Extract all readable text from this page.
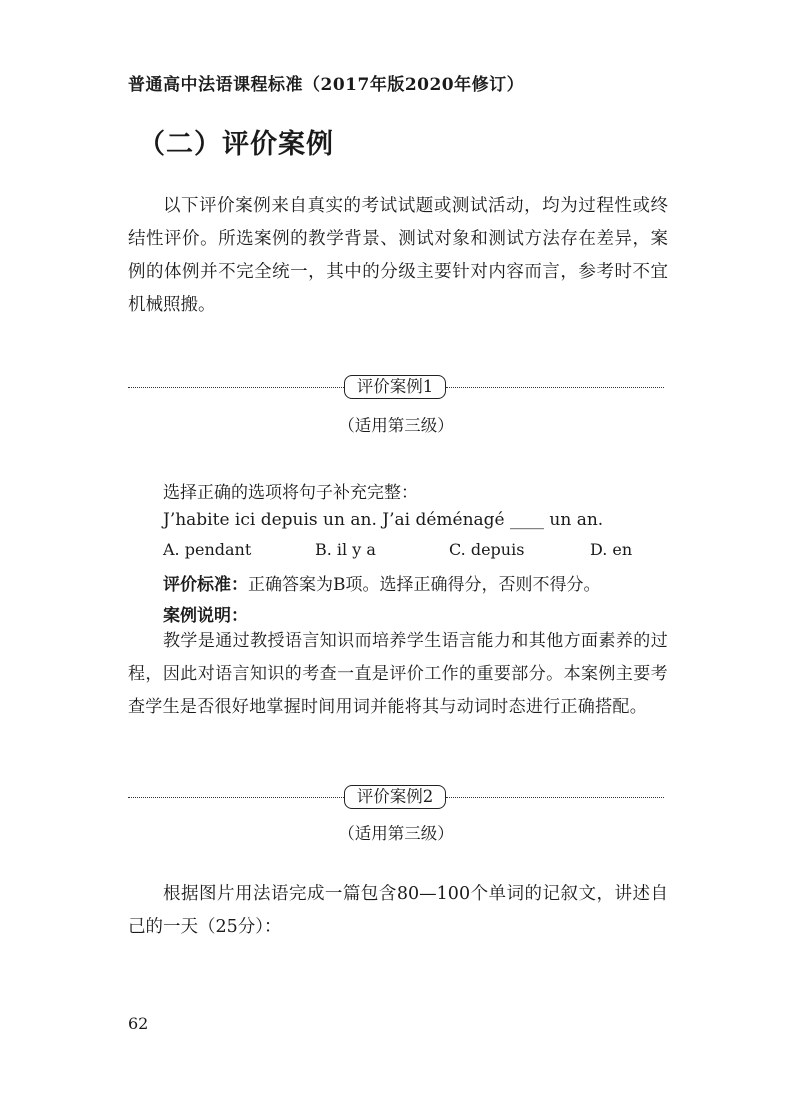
普通高中法语课程标准（2017年版2020年修订）
（二）评价案例
以下评价案例来自真实的考试试题或测试活动，均为过程性或终结性评价。所选案例的教学背景、测试对象和测试方法存在差异，案例的体例并不完全统一，其中的分级主要针对内容而言，参考时不宜机械照搬。
评价案例1
（适用第三级）
选择正确的选项将句子补充完整：
J’habite ici depuis un an. J’ai déménagé ____ un an.
A. pendant	B. il y a	C. depuis	D. en
评价标准：正确答案为B项。选择正确得分，否则不得分。
案例说明：
教学是通过教授语言知识而培养学生语言能力和其他方面素养的过程，因此对语言知识的考查一直是评价工作的重要部分。本案例主要考查学生是否很好地掌握时间用词并能将其与动词时态进行正确搭配。
评价案例2
（适用第三级）
根据图片用法语完成一篇包含80—100个单词的记叙文，讲述自己的一天（25分）：
62
